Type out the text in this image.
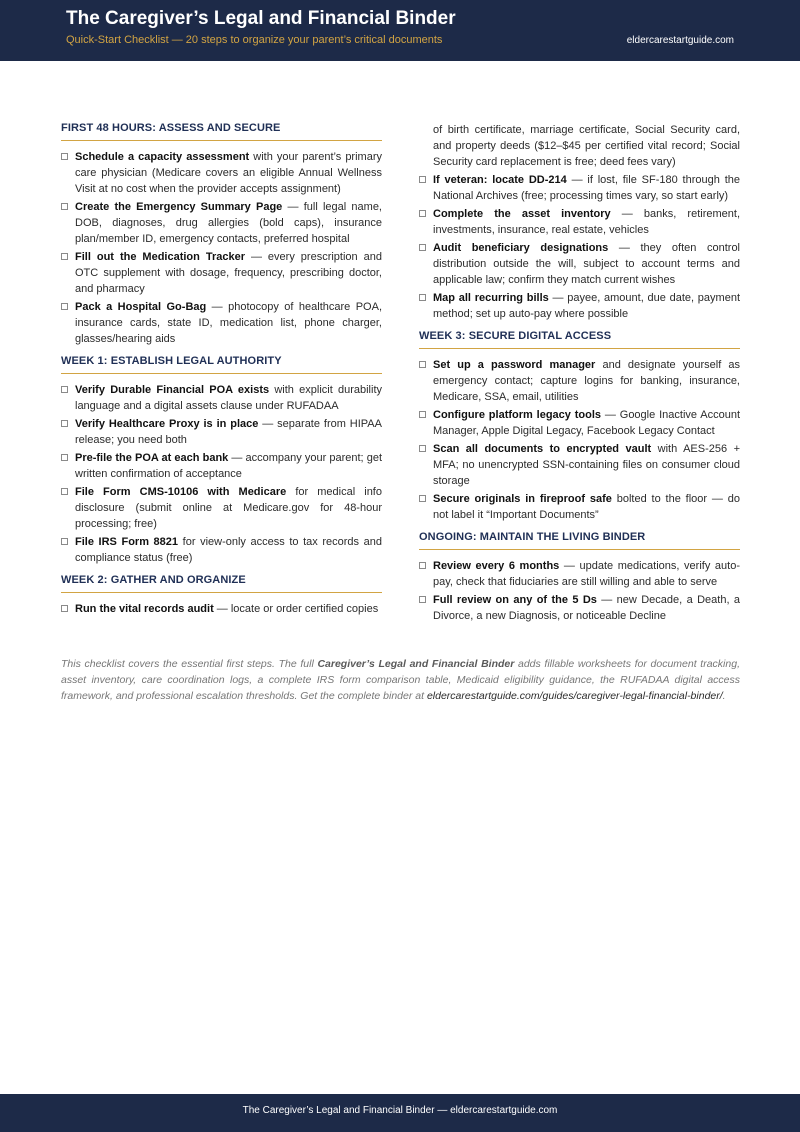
The Caregiver’s Legal and Financial Binder
Quick-Start Checklist — 20 steps to organize your parent’s critical documents	eldercarestartguide.com
FIRST 48 HOURS: ASSESS AND SECURE
Schedule a capacity assessment with your parent’s primary care physician (Medicare covers an eligible Annual Wellness Visit at no cost when the provider accepts assignment)
Create the Emergency Summary Page — full legal name, DOB, diagnoses, drug allergies (bold caps), insurance plan/member ID, emergency contacts, preferred hospital
Fill out the Medication Tracker — every prescription and OTC supplement with dosage, frequency, prescribing doctor, and pharmacy
Pack a Hospital Go-Bag — photocopy of healthcare POA, insurance cards, state ID, medication list, phone charger, glasses/hearing aids
WEEK 1: ESTABLISH LEGAL AUTHORITY
Verify Durable Financial POA exists with explicit durability language and a digital assets clause under RUFADAA
Verify Healthcare Proxy is in place — separate from HIPAA release; you need both
Pre-file the POA at each bank — accompany your parent; get written confirmation of acceptance
File Form CMS-10106 with Medicare for medical info disclosure (submit online at Medicare.gov for 48-hour processing; free)
File IRS Form 8821 for view-only access to tax records and compliance status (free)
WEEK 2: GATHER AND ORGANIZE
Run the vital records audit — locate or order certified copies
of birth certificate, marriage certificate, Social Security card, and property deeds ($12–$45 per certified vital record; Social Security card replacement is free; deed fees vary)
If veteran: locate DD-214 — if lost, file SF-180 through the National Archives (free; processing times vary, so start early)
Complete the asset inventory — banks, retirement, investments, insurance, real estate, vehicles
Audit beneficiary designations — they often control distribution outside the will, subject to account terms and applicable law; confirm they match current wishes
Map all recurring bills — payee, amount, due date, payment method; set up auto-pay where possible
WEEK 3: SECURE DIGITAL ACCESS
Set up a password manager and designate yourself as emergency contact; capture logins for banking, insurance, Medicare, SSA, email, utilities
Configure platform legacy tools — Google Inactive Account Manager, Apple Digital Legacy, Facebook Legacy Contact
Scan all documents to encrypted vault with AES-256 + MFA; no unencrypted SSN-containing files on consumer cloud storage
Secure originals in fireproof safe bolted to the floor — do not label it “Important Documents”
ONGOING: MAINTAIN THE LIVING BINDER
Review every 6 months — update medications, verify auto-pay, check that fiduciaries are still willing and able to serve
Full review on any of the 5 Ds — new Decade, a Death, a Divorce, a new Diagnosis, or noticeable Decline
This checklist covers the essential first steps. The full Caregiver’s Legal and Financial Binder adds fillable worksheets for document tracking, asset inventory, care coordination logs, a complete IRS form comparison table, Medicaid eligibility guidance, the RUFADAA digital access framework, and professional escalation thresholds. Get the complete binder at eldercarestartguide.com/guides/caregiver-legal-financial-binder/.
The Caregiver’s Legal and Financial Binder — eldercarestartguide.com
